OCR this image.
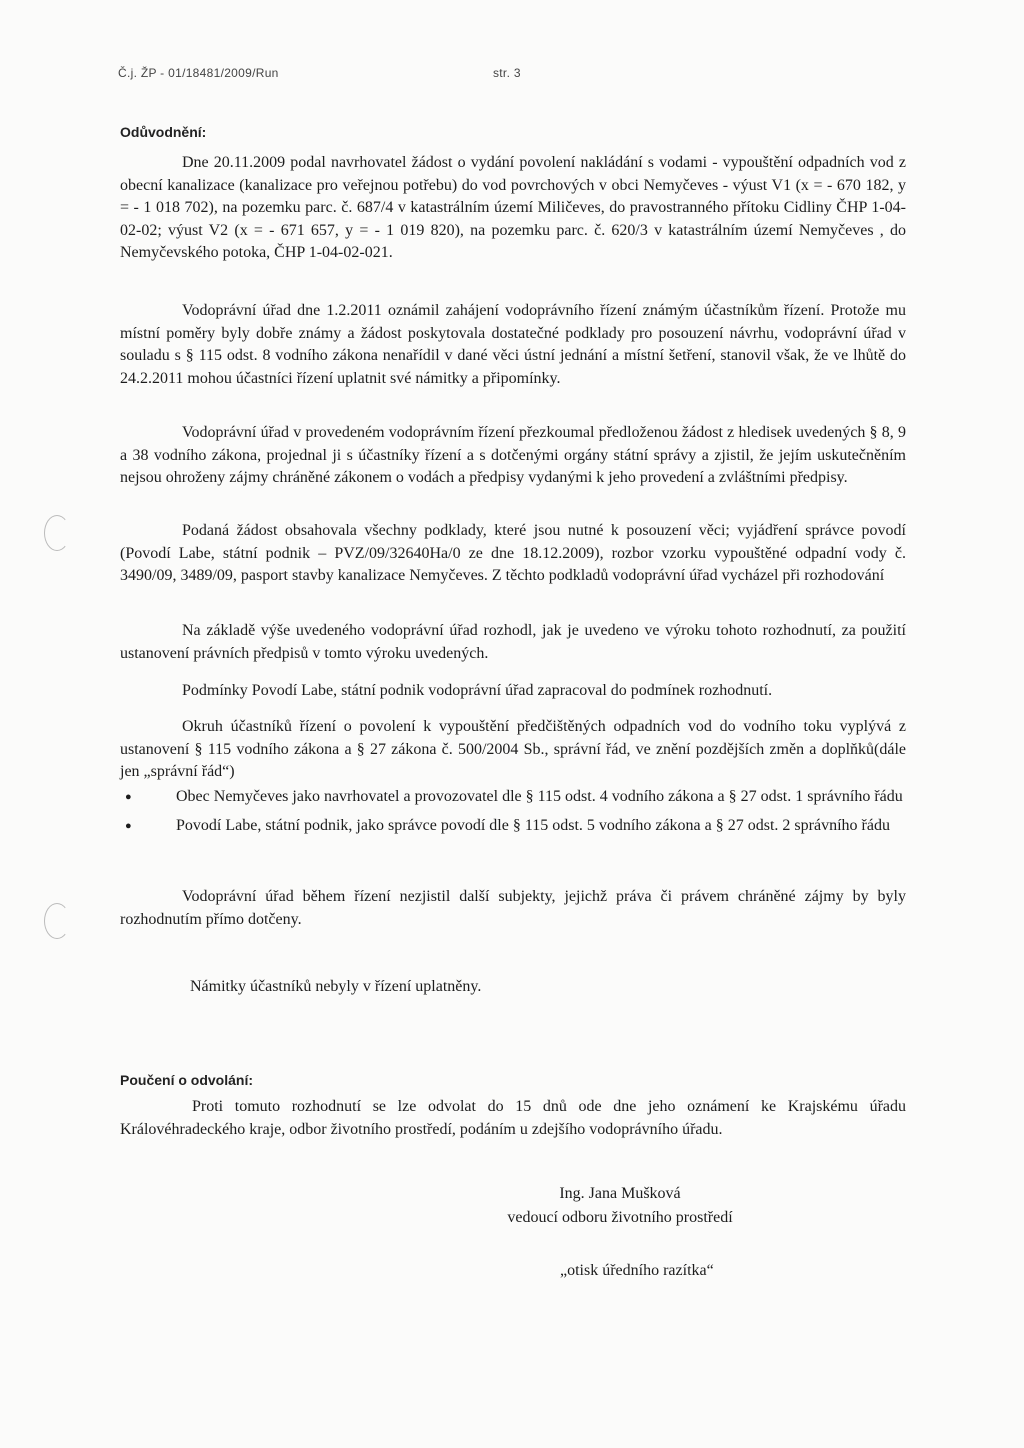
Č.j. ŽP - 01/18481/2009/Run	str. 3
Odůvodnění:

Dne 20.11.2009 podal navrhovatel žádost o vydání povolení nakládání s vodami - vypouštění odpadních vod z obecní kanalizace (kanalizace pro veřejnou potřebu) do vod povrchových v obci Nemyčeves - výust V1 (x = - 670 182, y = - 1 018 702), na pozemku parc. č. 687/4 v katastrálním území Miličeves, do pravostranného přítoku Cidliny ČHP 1-04-02-02; výust V2 (x = - 671 657, y = - 1 019 820), na pozemku parc. č. 620/3 v katastrálním území Nemyčeves , do Nemyčevského potoka, ČHP 1-04-02-021.

Vodoprávní úřad dne 1.2.2011 oznámil zahájení vodoprávního řízení známým účastníkům řízení. Protože mu místní poměry byly dobře známy a žádost poskytovala dostatečné podklady pro posouzení návrhu, vodoprávní úřad v souladu s § 115 odst. 8 vodního zákona nenařídil v dané věci ústní jednání a místní šetření, stanovil však, že ve lhůtě do 24.2.2011 mohou účastníci řízení uplatnit své námitky a připomínky.

Vodoprávní úřad v provedeném vodoprávním řízení přezkoumal předloženou žádost z hledisek uvedených § 8, 9 a 38 vodního zákona, projednal ji s účastníky řízení a s dotčenými orgány státní správy a zjistil, že jejím uskutečněním nejsou ohroženy zájmy chráněné zákonem o vodách a předpisy vydanými k jeho provedení a zvláštními předpisy.

Podaná žádost obsahovala všechny podklady, které jsou nutné k posouzení věci; vyjádření správce povodí (Povodí Labe, státní podnik – PVZ/09/32640Ha/0 ze dne 18.12.2009), rozbor vzorku vypouštěné odpadní vody č. 3490/09, 3489/09, pasport stavby kanalizace Nemyčeves. Z těchto podkladů vodoprávní úřad vycházel při rozhodování

Na základě výše uvedeného vodoprávní úřad rozhodl, jak je uvedeno ve výroku tohoto rozhodnutí, za použití ustanovení právních předpisů v tomto výroku uvedených.

Podmínky Povodí Labe, státní podnik vodoprávní úřad zapracoval do podmínek rozhodnutí.

Okruh účastníků řízení o povolení k vypouštění předčištěných odpadních vod do vodního toku vyplývá z ustanovení § 115 vodního zákona a § 27 zákona č. 500/2004 Sb., správní řád, ve znění pozdějších změn a doplňků(dále jen „správní řád“)

● Obec Nemyčeves jako navrhovatel a provozovatel dle § 115 odst. 4 vodního zákona a § 27 odst. 1 správního řádu
● Povodí Labe, státní podnik, jako správce povodí dle § 115 odst. 5 vodního zákona a § 27 odst. 2 správního řádu

Vodoprávní úřad během řízení nezjistil další subjekty, jejichž práva či právem chráněné zájmy by byly rozhodnutím přímo dotčeny.

Námitky účastníků nebyly v řízení uplatněny.

Poučení o odvolání:

Proti tomuto rozhodnutí se lze odvolat do 15 dnů ode dne jeho oznámení ke Krajskému úřadu Královéhradeckého kraje, odbor životního prostředí, podáním u zdejšího vodoprávního úřadu.

Ing. Jana Mušková
vedoucí odboru životního prostředí
„otisk úředního razítka“
